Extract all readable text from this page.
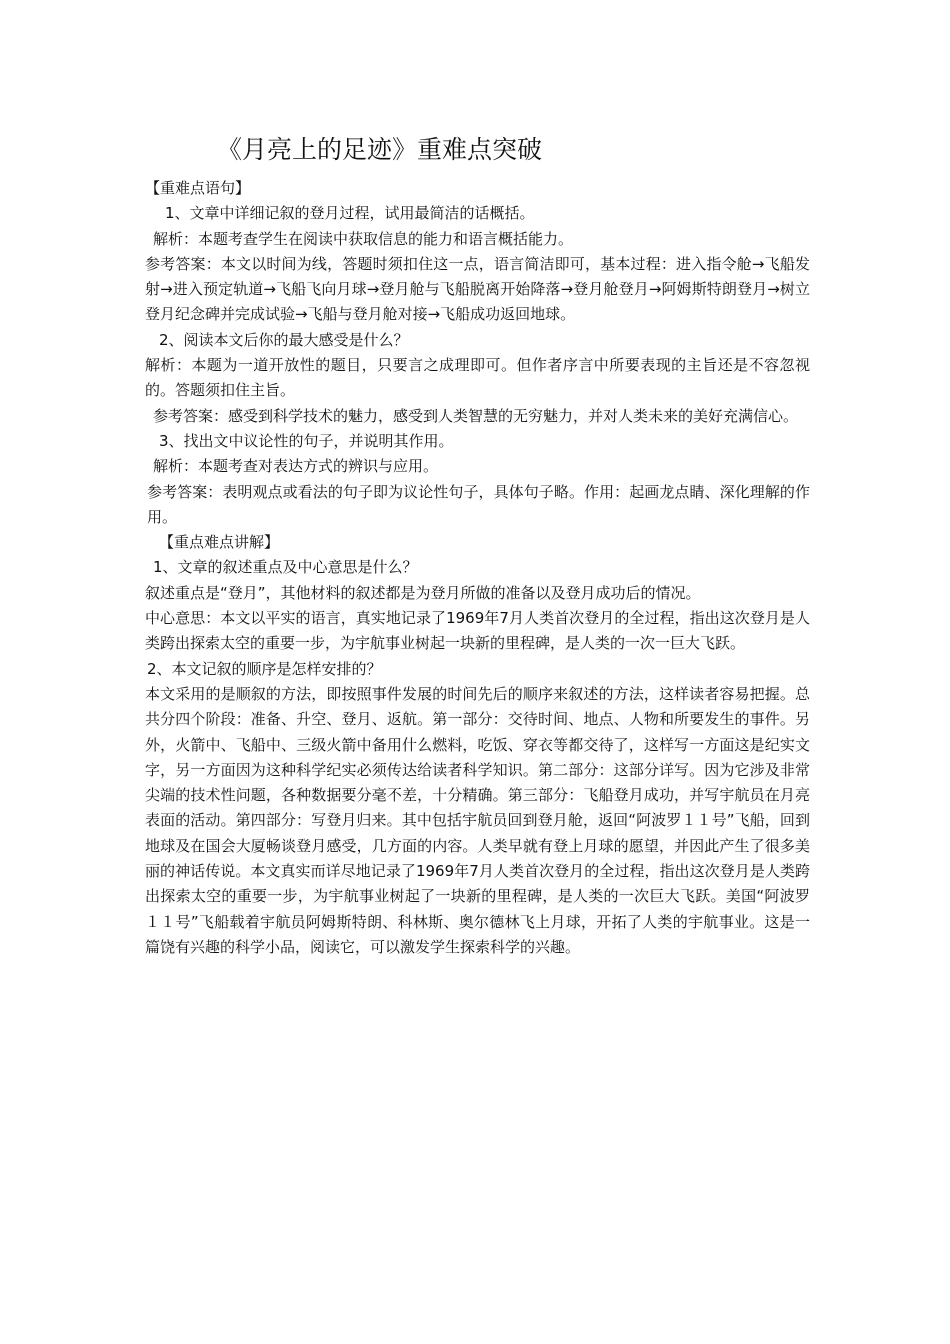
《月亮上的足迹》重难点突破

【重难点语句】

1、文章中详细记叙的登月过程，试用最简洁的话概括。

解析：本题考查学生在阅读中获取信息的能力和语言概括能力。

参考答案：本文以时间为线，答题时须扣住这一点，语言简洁即可，基本过程：进入指令舱→飞船发射→进入预定轨道→飞船飞向月球→登月舱与飞船脱离开始降落→登月舱登月→阿姆斯特朗登月→树立登月纪念碑并完成试验→飞船与登月舱对接→飞船成功返回地球。

2、阅读本文后你的最大感受是什么？

解析：本题为一道开放性的题目，只要言之成理即可。但作者序言中所要表现的主旨还是不容忽视的。答题须扣住主旨。

参考答案：感受到科学技术的魅力，感受到人类智慧的无穷魅力，并对人类未来的美好充满信心。

3、找出文中议论性的句子，并说明其作用。

解析：本题考查对表达方式的辨识与应用。

参考答案：表明观点或看法的句子即为议论性句子，具体句子略。作用：起画龙点睛、深化理解的作用。

【重点难点讲解】

1、文章的叙述重点及中心意思是什么？

叙述重点是“登月”，其他材料的叙述都是为登月所做的准备以及登月成功后的情况。

中心意思：本文以平实的语言，真实地记录了1969年7月人类首次登月的全过程，指出这次登月是人类跨出探索太空的重要一步，为宇航事业树起一块新的里程碑，是人类的一次一巨大飞跃。

2、本文记叙的顺序是怎样安排的？

本文采用的是顺叙的方法，即按照事件发展的时间先后的顺序来叙述的方法，这样读者容易把握。总共分四个阶段：准备、升空、登月、返航。第一部分：交待时间、地点、人物和所要发生的事件。另外，火箭中、飞船中、三级火箭中备用什么燃料，吃饭、穿衣等都交待了，这样写一方面这是纪实文字，另一方面因为这种科学纪实必须传达给读者科学知识。第二部分：这部分详写。因为它涉及非常尖端的技术性问题，各种数据要分毫不差，十分精确。第三部分：飞船登月成功，并写宇航员在月亮表面的活动。第四部分：写登月归来。其中包括宇航员回到登月舱，返回“阿波罗１１号”飞船，回到地球及在国会大厦畅谈登月感受，几方面的内容。人类早就有登上月球的愿望，并因此产生了很多美丽的神话传说。本文真实而详尽地记录了1969年7月人类首次登月的全过程，指出这次登月是人类跨出探索太空的重要一步，为宇航事业树起了一块新的里程碑，是人类的一次巨大飞跃。美国“阿波罗１１号”飞船载着宇航员阿姆斯特朗、科林斯、奥尔德林飞上月球，开拓了人类的宇航事业。这是一篇饶有兴趣的科学小品，阅读它，可以激发学生探索科学的兴趣。
